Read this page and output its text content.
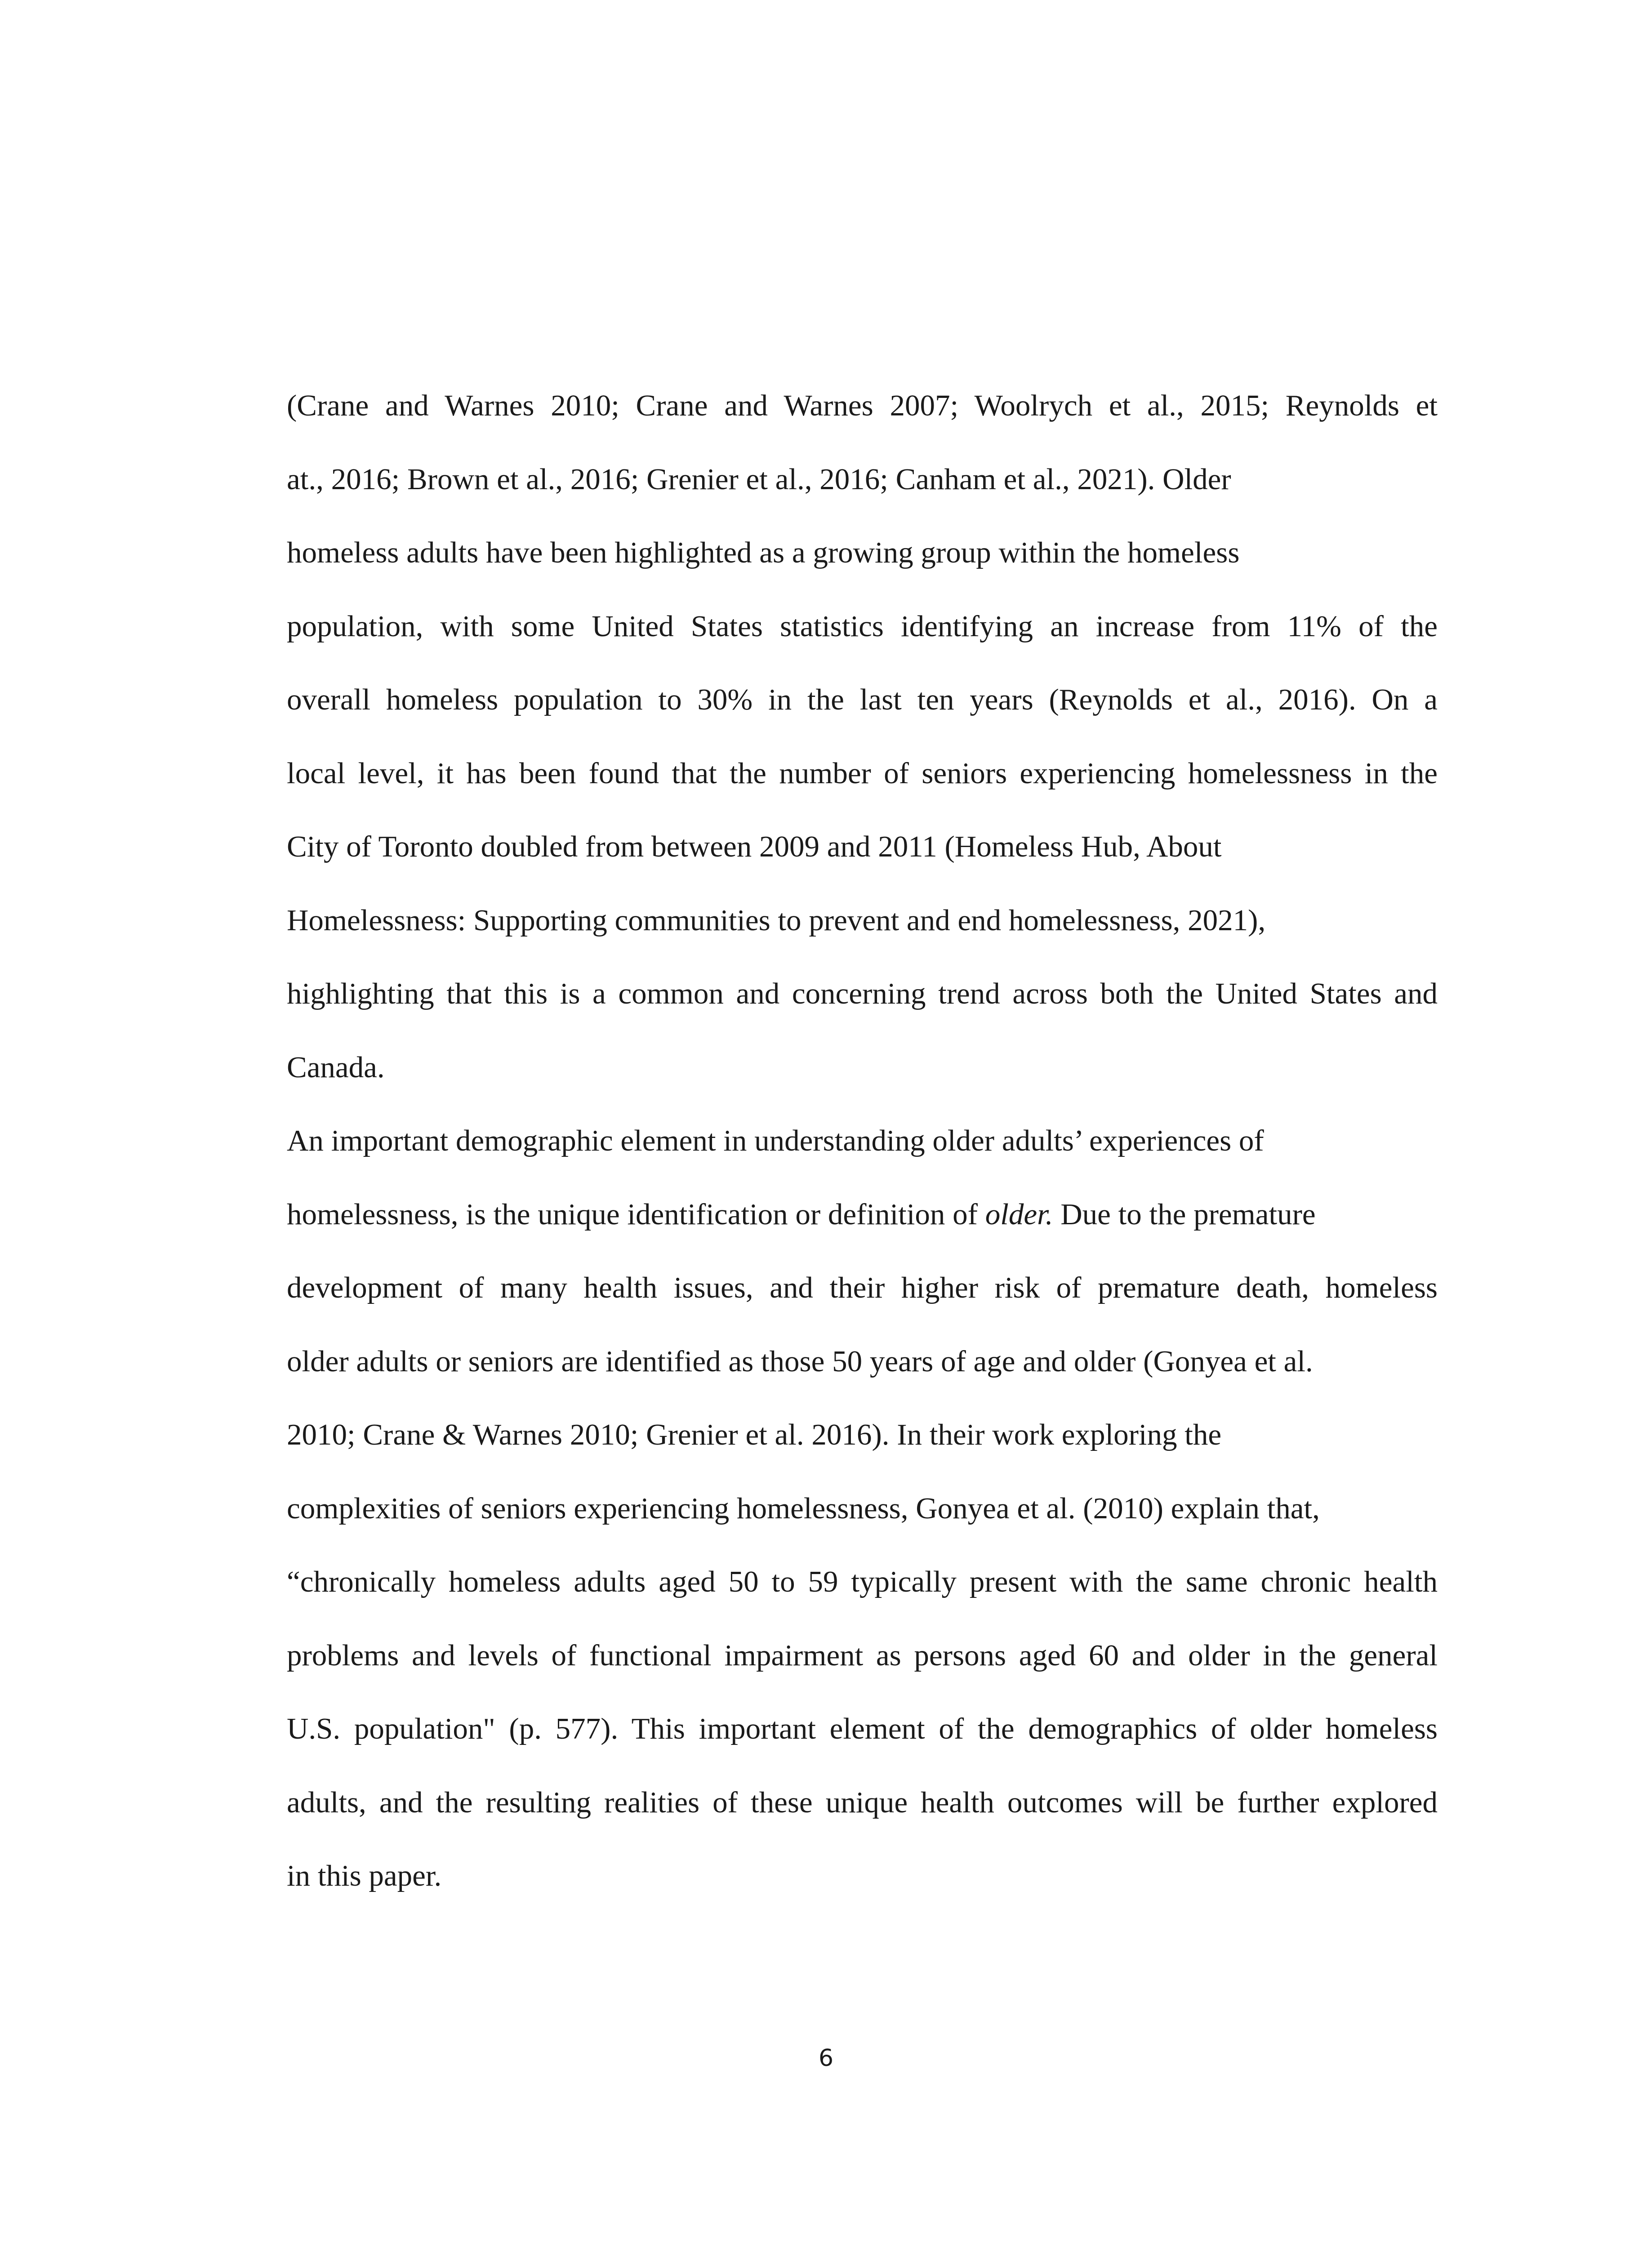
(Crane and Warnes 2010; Crane and Warnes 2007; Woolrych et al., 2015; Reynolds et
at., 2016; Brown et al., 2016; Grenier et al., 2016; Canham et al., 2021). Older
homeless adults have been highlighted as a growing group within the homeless
population, with some United States statistics identifying an increase from 11% of the
overall homeless population to 30% in the last ten years (Reynolds et al., 2016). On a
local level, it has been found that the number of seniors experiencing homelessness in the
City of Toronto doubled from between 2009 and 2011 (Homeless Hub, About
Homelessness: Supporting communities to prevent and end homelessness, 2021),
highlighting that this is a common and concerning trend across both the United States and
Canada.
An important demographic element in understanding older adults’ experiences of
homelessness, is the unique identification or definition of older. Due to the premature
development of many health issues, and their higher risk of premature death, homeless
older adults or seniors are identified as those 50 years of age and older (Gonyea et al.
2010; Crane & Warnes 2010; Grenier et al. 2016). In their work exploring the
complexities of seniors experiencing homelessness, Gonyea et al. (2010) explain that,
“chronically homeless adults aged 50 to 59 typically present with the same chronic health
problems and levels of functional impairment as persons aged 60 and older in the general
U.S. population" (p. 577). This important element of the demographics of older homeless
adults, and the resulting realities of these unique health outcomes will be further explored
in this paper.
6
